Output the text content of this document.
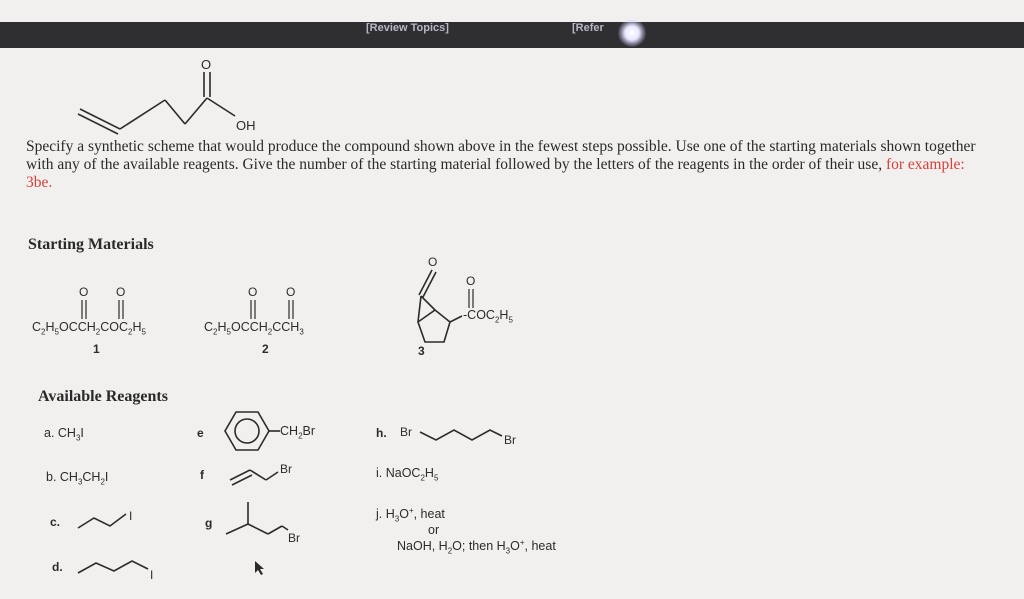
[Review Topics]	[Refer
O
OH
Specify a synthetic scheme that would produce the compound shown above in the fewest steps possible. Use one of the starting materials shown together with any of the available reagents. Give the number of the starting material followed by the letters of the reagents in the order of their use, for example: 3be.
Starting Materials
O O
$C_2H_5OCCH_2COC_2H_5$
1
O O
$C_2H_5OCCH_2CCH_3$
2
O
O
$-COC_2H_5$
3
Available Reagents
a. $CH_3I$
b. $CH_3CH_2I$
c.	I
d.
I
e	$CH_2Br$
f	Br
g
Br
h. Br
Br
i. $NaOC_2H_5$
j. $H_3O^+$, heat
or
NaOH, $H_2O$; then $H_3O^+$, heat
